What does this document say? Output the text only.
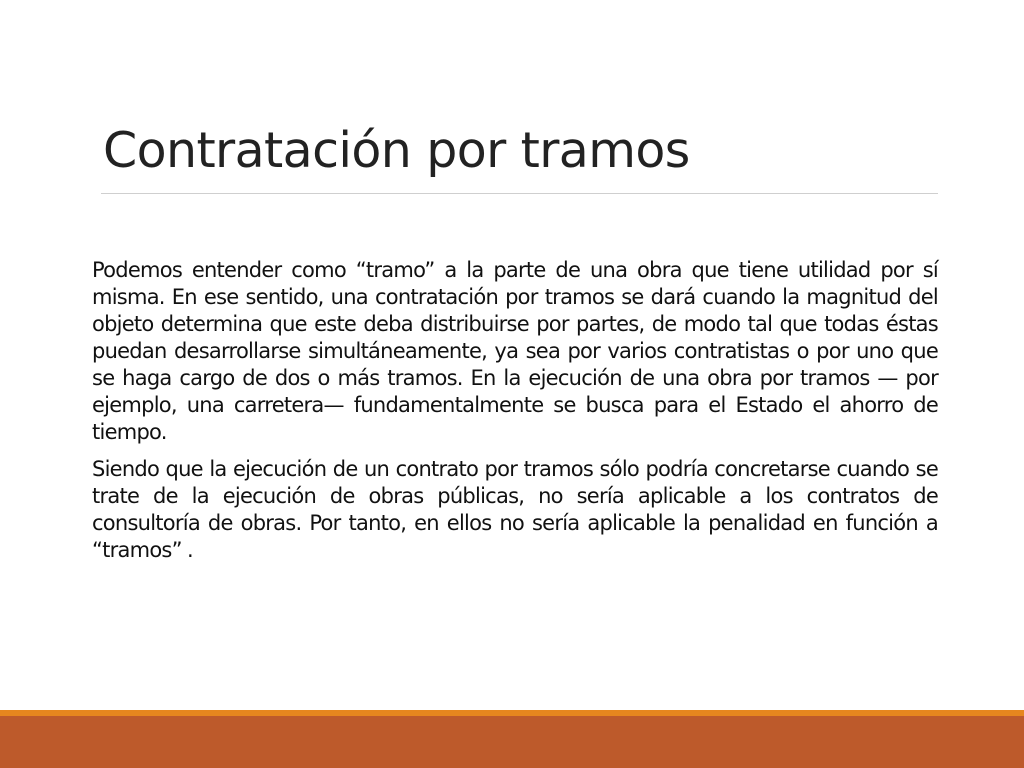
Contratación por tramos

Podemos entender como “tramo” a la parte de una obra que tiene utilidad por sí misma. En ese sentido, una contratación por tramos se dará cuando la magnitud del objeto determina que este deba distribuirse por partes, de modo tal que todas éstas puedan desarrollarse simultáneamente, ya sea por varios contratistas o por uno que se haga cargo de dos o más tramos. En la ejecución de una obra por tramos — por ejemplo, una carretera— fundamentalmente se busca para el Estado el ahorro de tiempo.

Siendo que la ejecución de un contrato por tramos sólo podría concretarse cuando se trate de la ejecución de obras públicas, no sería aplicable a los contratos de consultoría de obras. Por tanto, en ellos no sería aplicable la penalidad en función a “tramos” .
